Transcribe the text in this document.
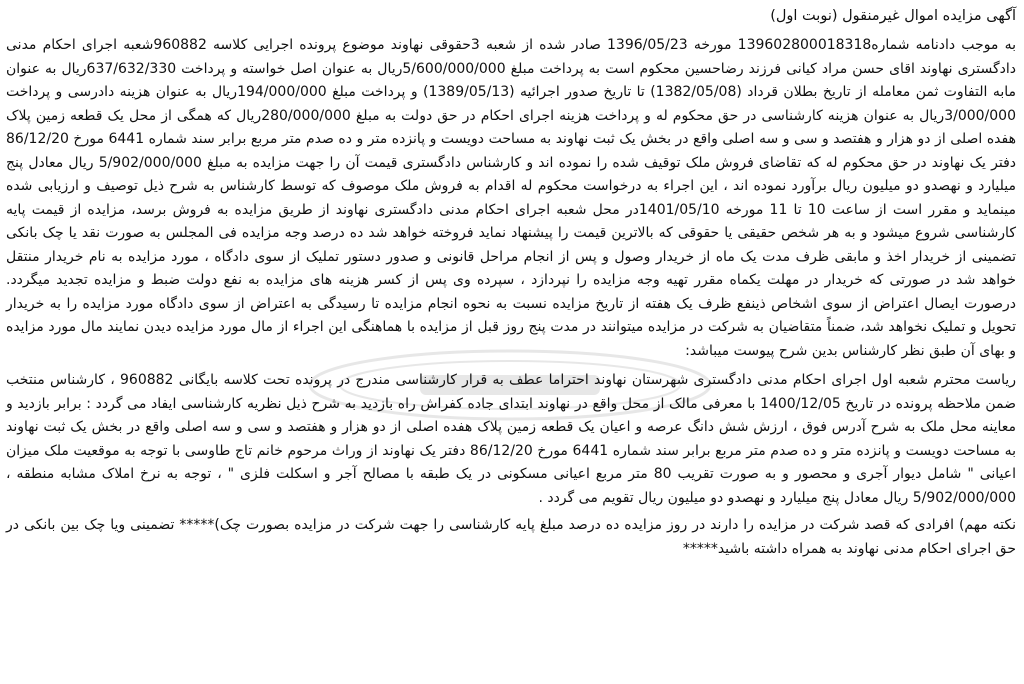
آگهی مزایده اموال غیرمنقول (نوبت اول)

به موجب دادنامه شماره139602800018318 مورخه 1396/05/23 صادر شده از شعبه 3حقوقی نهاوند موضوع پرونده اجرایی کلاسه 960882شعبه اجرای احکام مدنی دادگستری نهاوند اقای حسن مراد کیانی فرزند رضاحسین محکوم است به پرداخت مبلغ 5/600/000/000ریال به عنوان اصل خواسته و پرداخت 637/632/330ریال به عنوان مابه التفاوت ثمن معامله از تاریخ بطلان قرداد (1382/05/08) تا تاریخ صدور اجرائیه (1389/05/13) و پرداخت مبلغ 194/000/000ریال به عنوان هزینه دادرسی و پرداخت 3/000/000ریال به عنوان هزینه کارشناسی در حق محکوم له و پرداخت هزینه اجرای احکام در حق دولت به مبلغ 280/000/000ریال که همگی از محل یک قطعه زمین پلاک هفده اصلی از دو هزار و هفتصد و سی و سه اصلی واقع در بخش یک ثبت نهاوند به مساحت دویست و پانزده متر و ده صدم متر مربع برابر سند شماره 6441 مورخ 86/12/20 دفتر یک نهاوند در حق محکوم له که تقاضای فروش ملک توقیف شده را نموده اند و کارشناس دادگستری قیمت آن را جهت مزایده به مبلغ 5/902/000/000 ریال معادل پنج میلیارد و نهصدو دو میلیون ریال برآورد نموده اند ، این اجراء به درخواست محکوم له اقدام به فروش ملک موصوف که توسط کارشناس به شرح ذیل توصیف و ارزیابی شده مینماید و مقرر است از ساعت 10 تا 11 مورخه 1401/05/10در محل شعبه اجرای احکام مدنی دادگستری نهاوند از طریق مزایده به فروش برسد، مزایده از قیمت پایه کارشناسی شروع میشود و به هر شخص حقیقی یا حقوقی که بالاترین قیمت را پیشنهاد نماید فروخته خواهد شد ده درصد وجه مزایده فی المجلس به صورت نقد یا چک بانکی تضمینی از خریدار اخذ و مابقی ظرف مدت یک ماه از خریدار وصول و پس از انجام مراحل قانونی و صدور دستور تملیک از سوی دادگاه ، مورد مزایده به نام خریدار منتقل خواهد شد در صورتی که خریدار در مهلت یکماه مقرر تهیه وجه مزایده را نپردازد ، سپرده وی پس از کسر هزینه های مزایده به نفع دولت ضبط و مزایده تجدید میگردد. درصورت ایصال اعتراض از سوی اشخاص ذینفع ظرف یک هفته از تاریخ مزایده نسبت به نحوه انجام مزایده تا رسیدگی به اعتراض از سوی دادگاه مورد مزایده را به خریدار تحویل و تملیک نخواهد شد، ضمناً متقاضیان به شرکت در مزایده میتوانند در مدت پنج روز قبل از مزایده با هماهنگی این اجراء از مال مورد مزایده دیدن نمایند مال مورد مزایده و بهای آن طبق نظر کارشناس بدین شرح پیوست میباشد:

ریاست محترم شعبه اول اجرای احکام مدنی دادگستری شهرستان نهاوند احتراما عطف به قرار کارشناسی مندرج در پرونده تحت کلاسه بایگانی 960882 ، کارشناس منتخب ضمن ملاحظه پرونده در تاریخ 1400/12/05 با معرفی مالک از محل واقع در نهاوند ابتدای جاده کفراش راه بازدید به شرح ذیل نظریه کارشناسی ایفاد می گردد : برابر بازدید و معاینه محل ملک به شرح آدرس فوق ، ارزش شش دانگ عرصه و اعیان یک قطعه زمین پلاک هفده اصلی از دو هزار و هفتصد و سی و سه اصلی واقع در بخش یک ثبت نهاوند به مساحت دویست و پانزده متر و ده صدم متر مربع برابر سند شماره 6441 مورخ 86/12/20 دفتر یک نهاوند از وراث مرحوم خانم تاج طاوسی با توجه به موقعیت ملک میزان اعیانی " شامل دیوار آجری و محصور و به صورت تقریب 80 متر مربع اعیانی مسکونی در یک طبقه با مصالح آجر و اسکلت فلزی " ، توجه به نرخ املاک مشابه منطقه ، 5/902/000/000 ریال معادل پنج میلیارد و نهصدو دو میلیون ریال تقویم می گردد .

نکته مهم) افرادی که قصد شرکت در مزایده را دارند در روز مزایده ده درصد مبلغ پایه کارشناسی را جهت شرکت در مزایده بصورت چک)***** تضمینی ویا چک بین بانکی در حق اجرای احکام مدنی نهاوند به همراه داشته باشید*****
